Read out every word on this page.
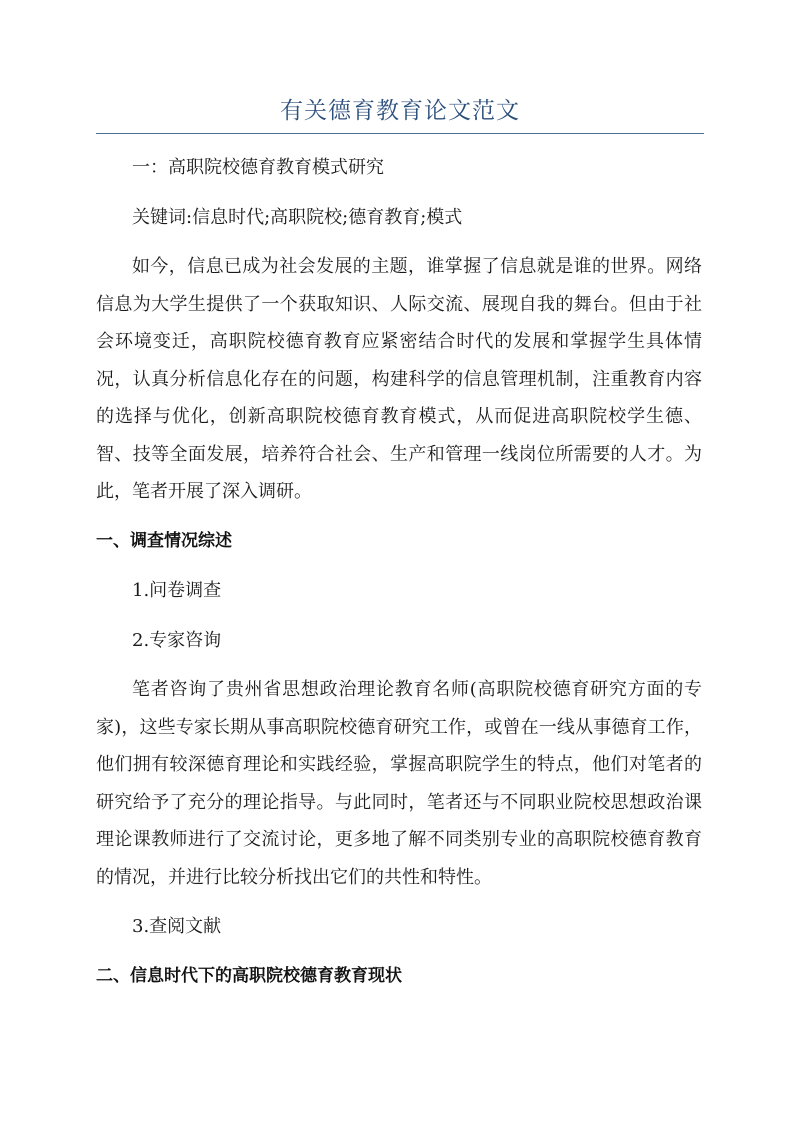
有关德育教育论文范文

一：高职院校德育教育模式研究

关键词:信息时代;高职院校;德育教育;模式

如今，信息已成为社会发展的主题，谁掌握了信息就是谁的世界。网络信息为大学生提供了一个获取知识、人际交流、展现自我的舞台。但由于社会环境变迁，高职院校德育教育应紧密结合时代的发展和掌握学生具体情况，认真分析信息化存在的问题，构建科学的信息管理机制，注重教育内容的选择与优化，创新高职院校德育教育模式，从而促进高职院校学生德、智、技等全面发展，培养符合社会、生产和管理一线岗位所需要的人才。为此，笔者开展了深入调研。

一、调查情况综述

1.问卷调查

2.专家咨询

笔者咨询了贵州省思想政治理论教育名师(高职院校德育研究方面的专家)，这些专家长期从事高职院校德育研究工作，或曾在一线从事德育工作，他们拥有较深德育理论和实践经验，掌握高职院学生的特点，他们对笔者的研究给予了充分的理论指导。与此同时，笔者还与不同职业院校思想政治课理论课教师进行了交流讨论，更多地了解不同类别专业的高职院校德育教育的情况，并进行比较分析找出它们的共性和特性。

3.查阅文献

二、信息时代下的高职院校德育教育现状
